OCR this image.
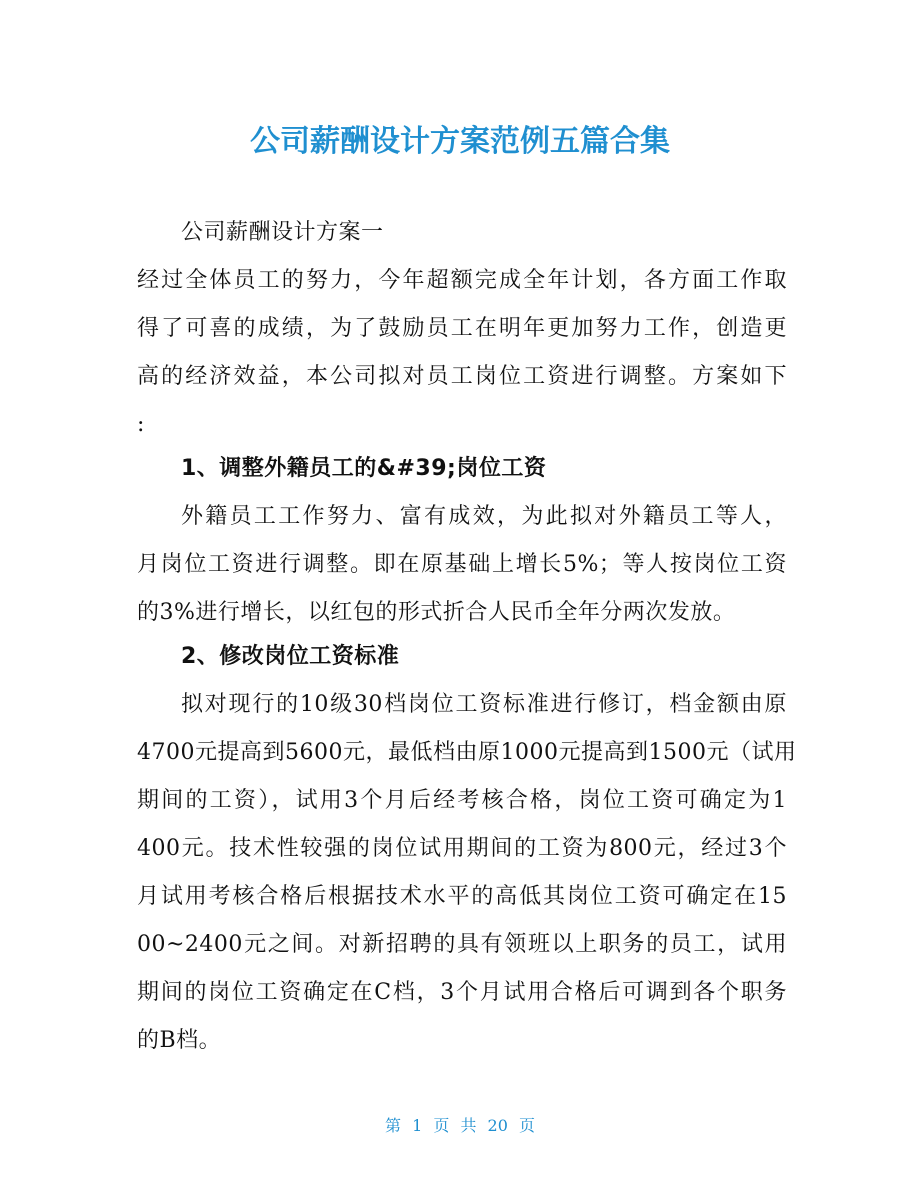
公司薪酬设计方案范例五篇合集
公司薪酬设计方案一
经过全体员工的努力，今年超额完成全年计划，各方面工作取
得了可喜的成绩，为了鼓励员工在明年更加努力工作，创造更
高的经济效益，本公司拟对员工岗位工资进行调整。方案如下
:
1、调整外籍员工的&#39;岗位工资
外籍员工工作努力、富有成效，为此拟对外籍员工等人，
月岗位工资进行调整。即在原基础上增长5%；等人按岗位工资
的3%进行增长，以红包的形式折合人民币全年分两次发放。
2、修改岗位工资标准
拟对现行的10级30档岗位工资标准进行修订，档金额由原
4700元提高到5600元，最低档由原1000元提高到1500元（试用
期间的工资），试用3个月后经考核合格，岗位工资可确定为1
400元。技术性较强的岗位试用期间的工资为800元，经过3个
月试用考核合格后根据技术水平的高低其岗位工资可确定在15
00~2400元之间。对新招聘的具有领班以上职务的员工，试用
期间的岗位工资确定在C档，3个月试用合格后可调到各个职务
的B档。
第 1 页 共 20 页
